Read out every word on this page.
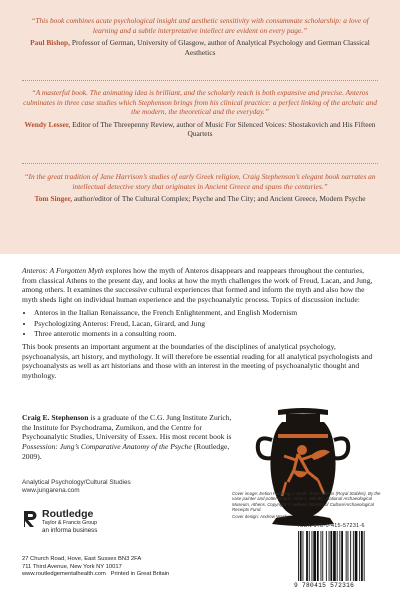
“This book combines acute psychological insight and aesthetic sensitivity with consummate scholarship: a love of learning and a subtle interpretative intellect are evident on every page.”
Paul Bishop, Professor of German, University of Glasgow, author of Analytical Psychology and German Classical Aesthetics
“A masterful book. The animating idea is brilliant, and the scholarly reach is both expansive and precise. Anteros culminates in three case studies which Stephenson brings from his clinical practice: a perfect linking of the archaic and the modern, the theoretical and the everyday.”
Wendy Lesser, Editor of The Threepenny Review, author of Music For Silenced Voices: Shostakovich and His Fifteen Quartets
“In the great tradition of Jane Harrison’s studies of early Greek religion, Craig Stephenson’s elegant book narrates an intellectual detective story that originates in Ancient Greece and spans the centuries.”
Tom Singer, author/editor of The Cultural Complex; Psyche and The City; and Ancient Greece, Modern Psyche
Anteros: A Forgotten Myth explores how the myth of Anteros disappears and reappears throughout the centuries, from classical Athens to the present day, and looks at how the myth challenges the work of Freud, Lacan, and Jung, among others. It examines the successive cultural experiences that formed and inform the myth and also how the myth sheds light on individual human experience and the psychoanalytic process. Topics of discussion include:
• Anteros in the Italian Renaissance, the French Enlightenment, and English Modernism
• Psychologizing Anteros: Freud, Lacan, Girard, and Jung
• Three anterotic moments in a consulting room.
This book presents an important argument at the boundaries of the disciplines of analytical psychology, psychoanalysis, art history, and mythology. It will therefore be essential reading for all analytical psychologists and psychoanalysts as well as art historians and those with an interest in the meeting of psychoanalytic thought and mythology.
Craig E. Stephenson is a graduate of the C.G. Jung Institute Zurich, the Institute for Psychodrama, Zumikon, and the Centre for Psychoanalytic Studies, University of Essex. His most recent book is Possession: Jung’s Comparative Anatomy of the Psyche (Routledge, 2009).
Analytical Psychology/Cultural Studies
www.jungarena.com
Routledge
Taylor & Francis Group
an informa business
27 Church Road, Hove, East Sussex BN3 2FA
711 Third Avenue, New York NY 10017
www.routledgementalhealth.com Printed in Great Britain
Cover image: Eetion Pursuing a Youth. Team Athens (Royal Stables). By the vase painter and potter Douris. Vase c. 480 BC. National Archaeological Museum, Athens. Copyright © Hellenic Ministry of Culture/Archaeological Receipts Fund.
Cover design: Andrew Ward
ISBN 978-0-415-57231-6
9 780415 572316
